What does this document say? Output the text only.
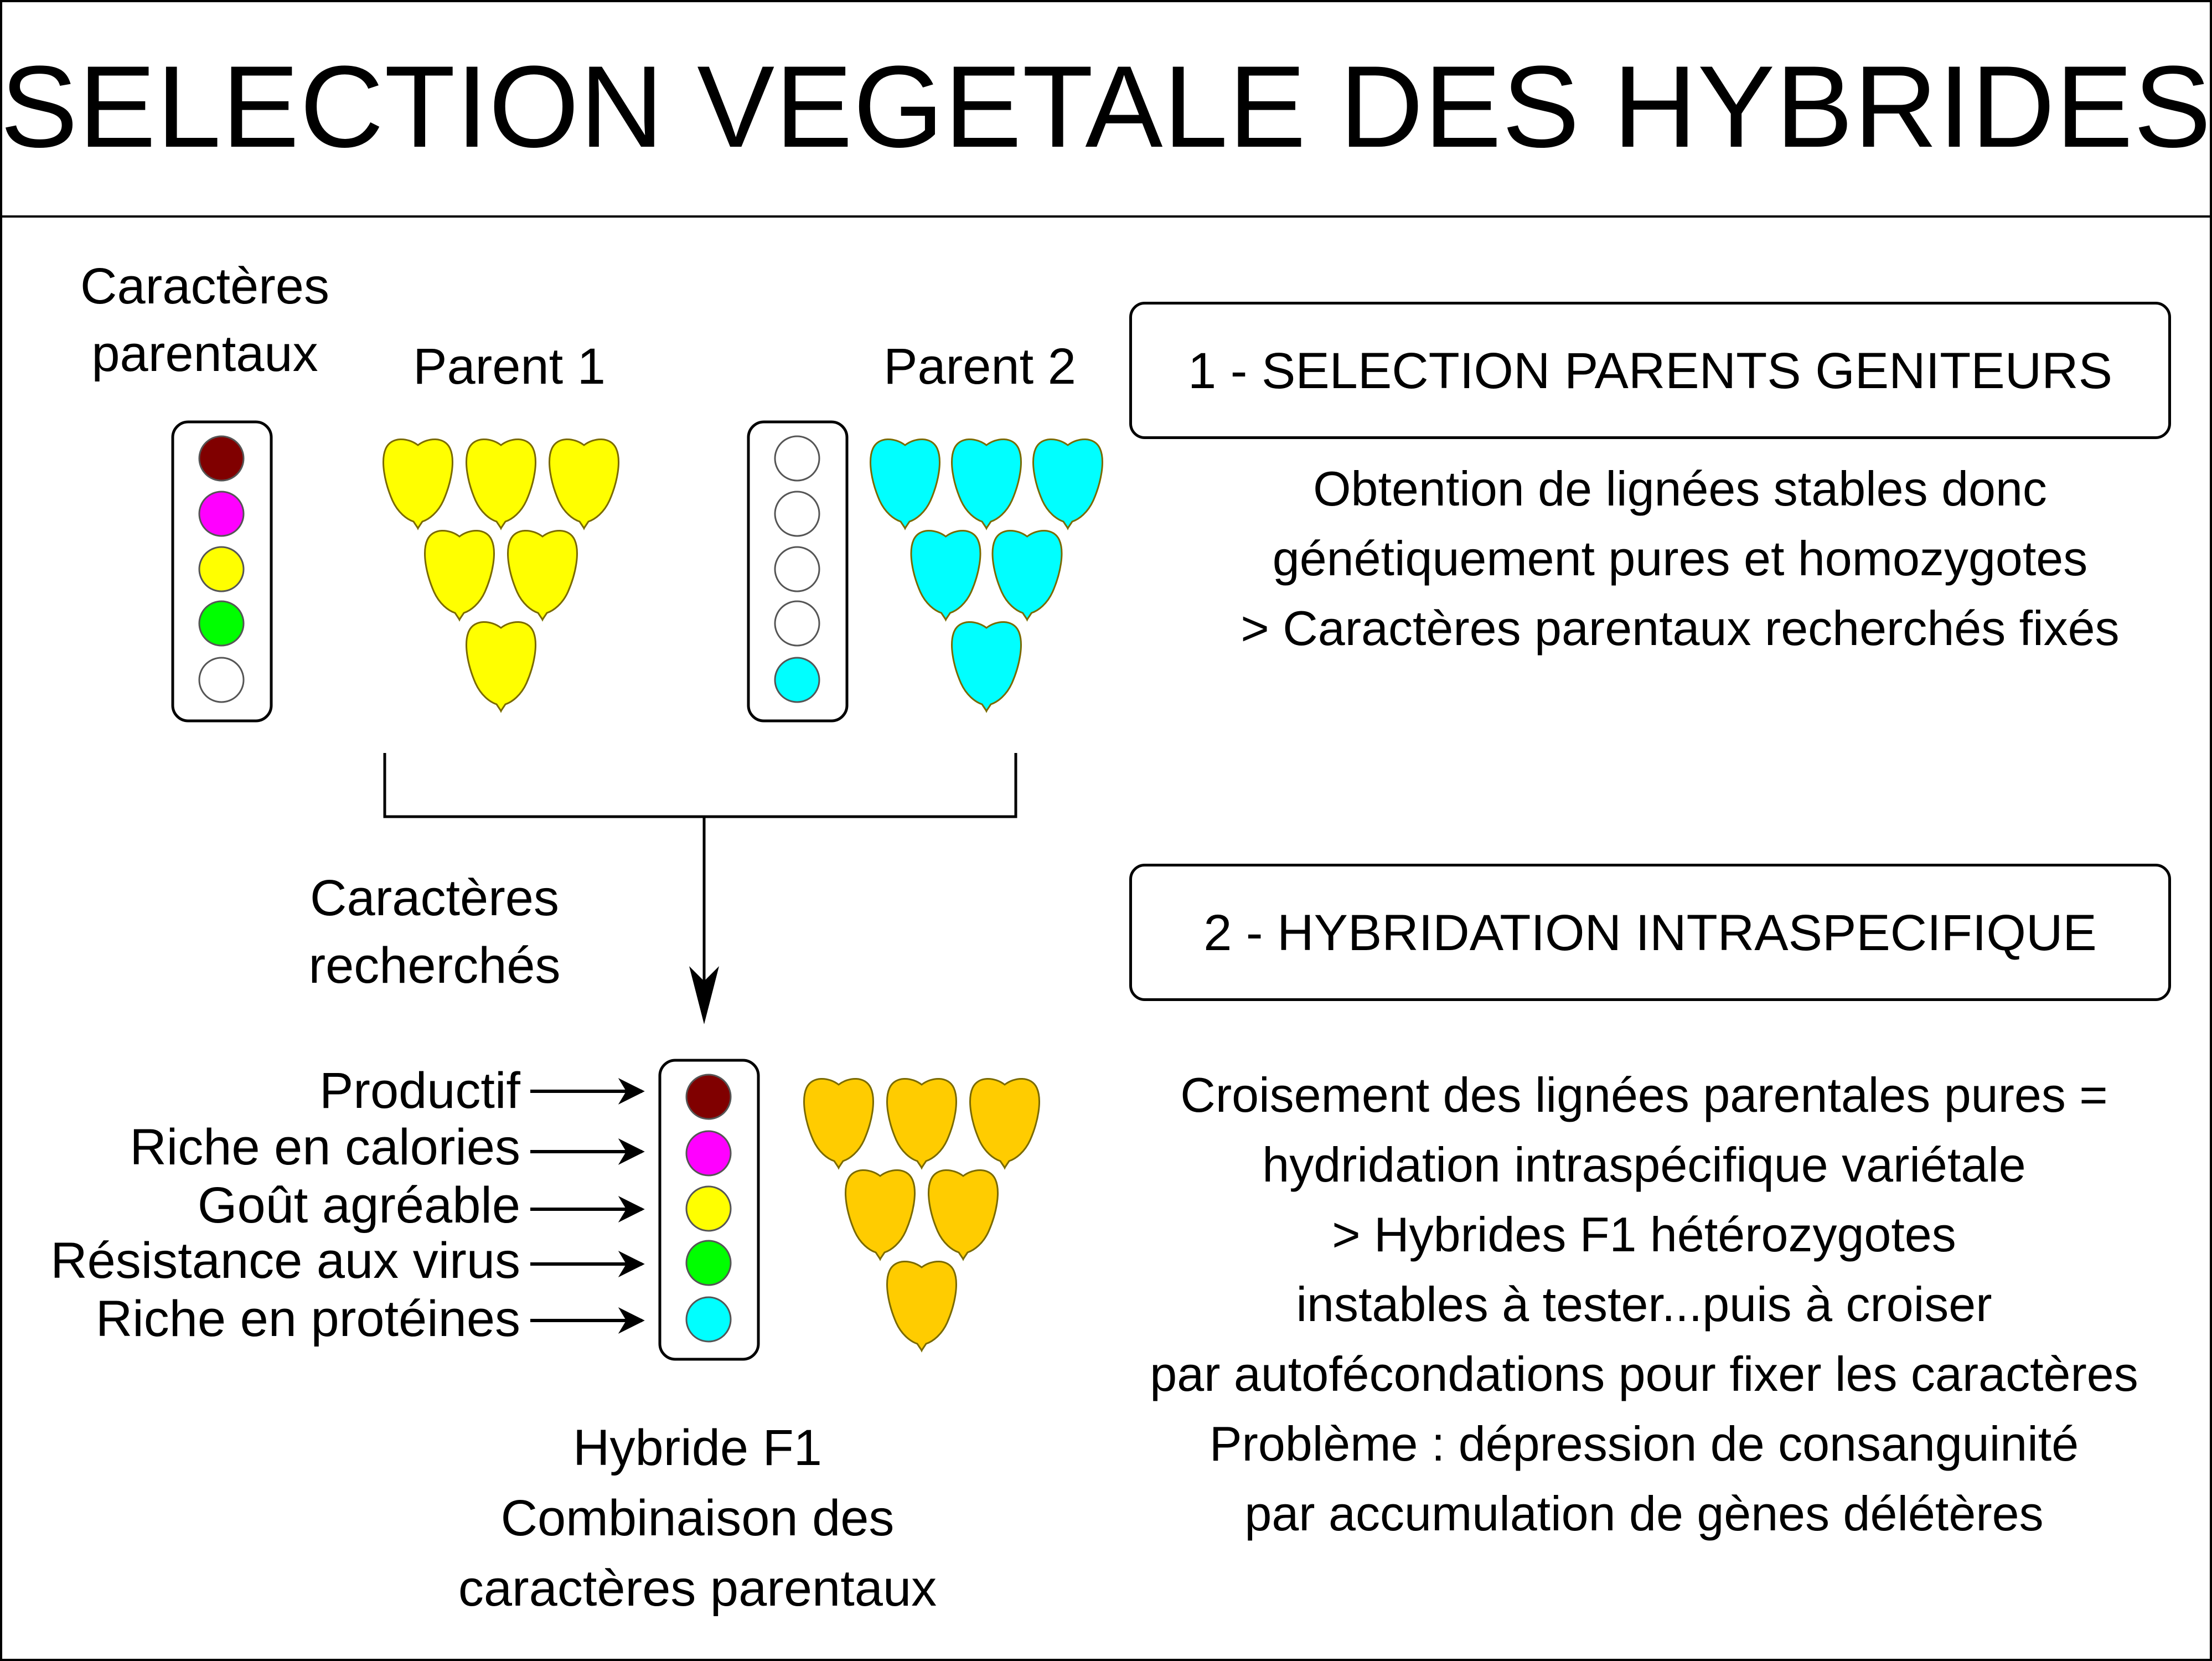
SELECTION VEGETALE DES HYBRIDES
Caractères
parentaux	Parent 1	Parent 2
Caractères
recherchés
Productif
Riche en calories
Goût agréable
Résistance aux virus
Riche en protéines
Hybride F1
Combinaison des
caractères parentaux
1 - SELECTION PARENTS GENITEURS
Obtention de lignées stables donc
génétiquement pures et homozygotes
> Caractères parentaux recherchés fixés
2 - HYBRIDATION INTRASPECIFIQUE
Croisement des lignées parentales pures =
hydridation intraspécifique variétale
> Hybrides F1 hétérozygotes
instables à tester...puis à croiser
par autofécondations pour fixer les caractères
Problème : dépression de consanguinité
par accumulation de gènes délétères
